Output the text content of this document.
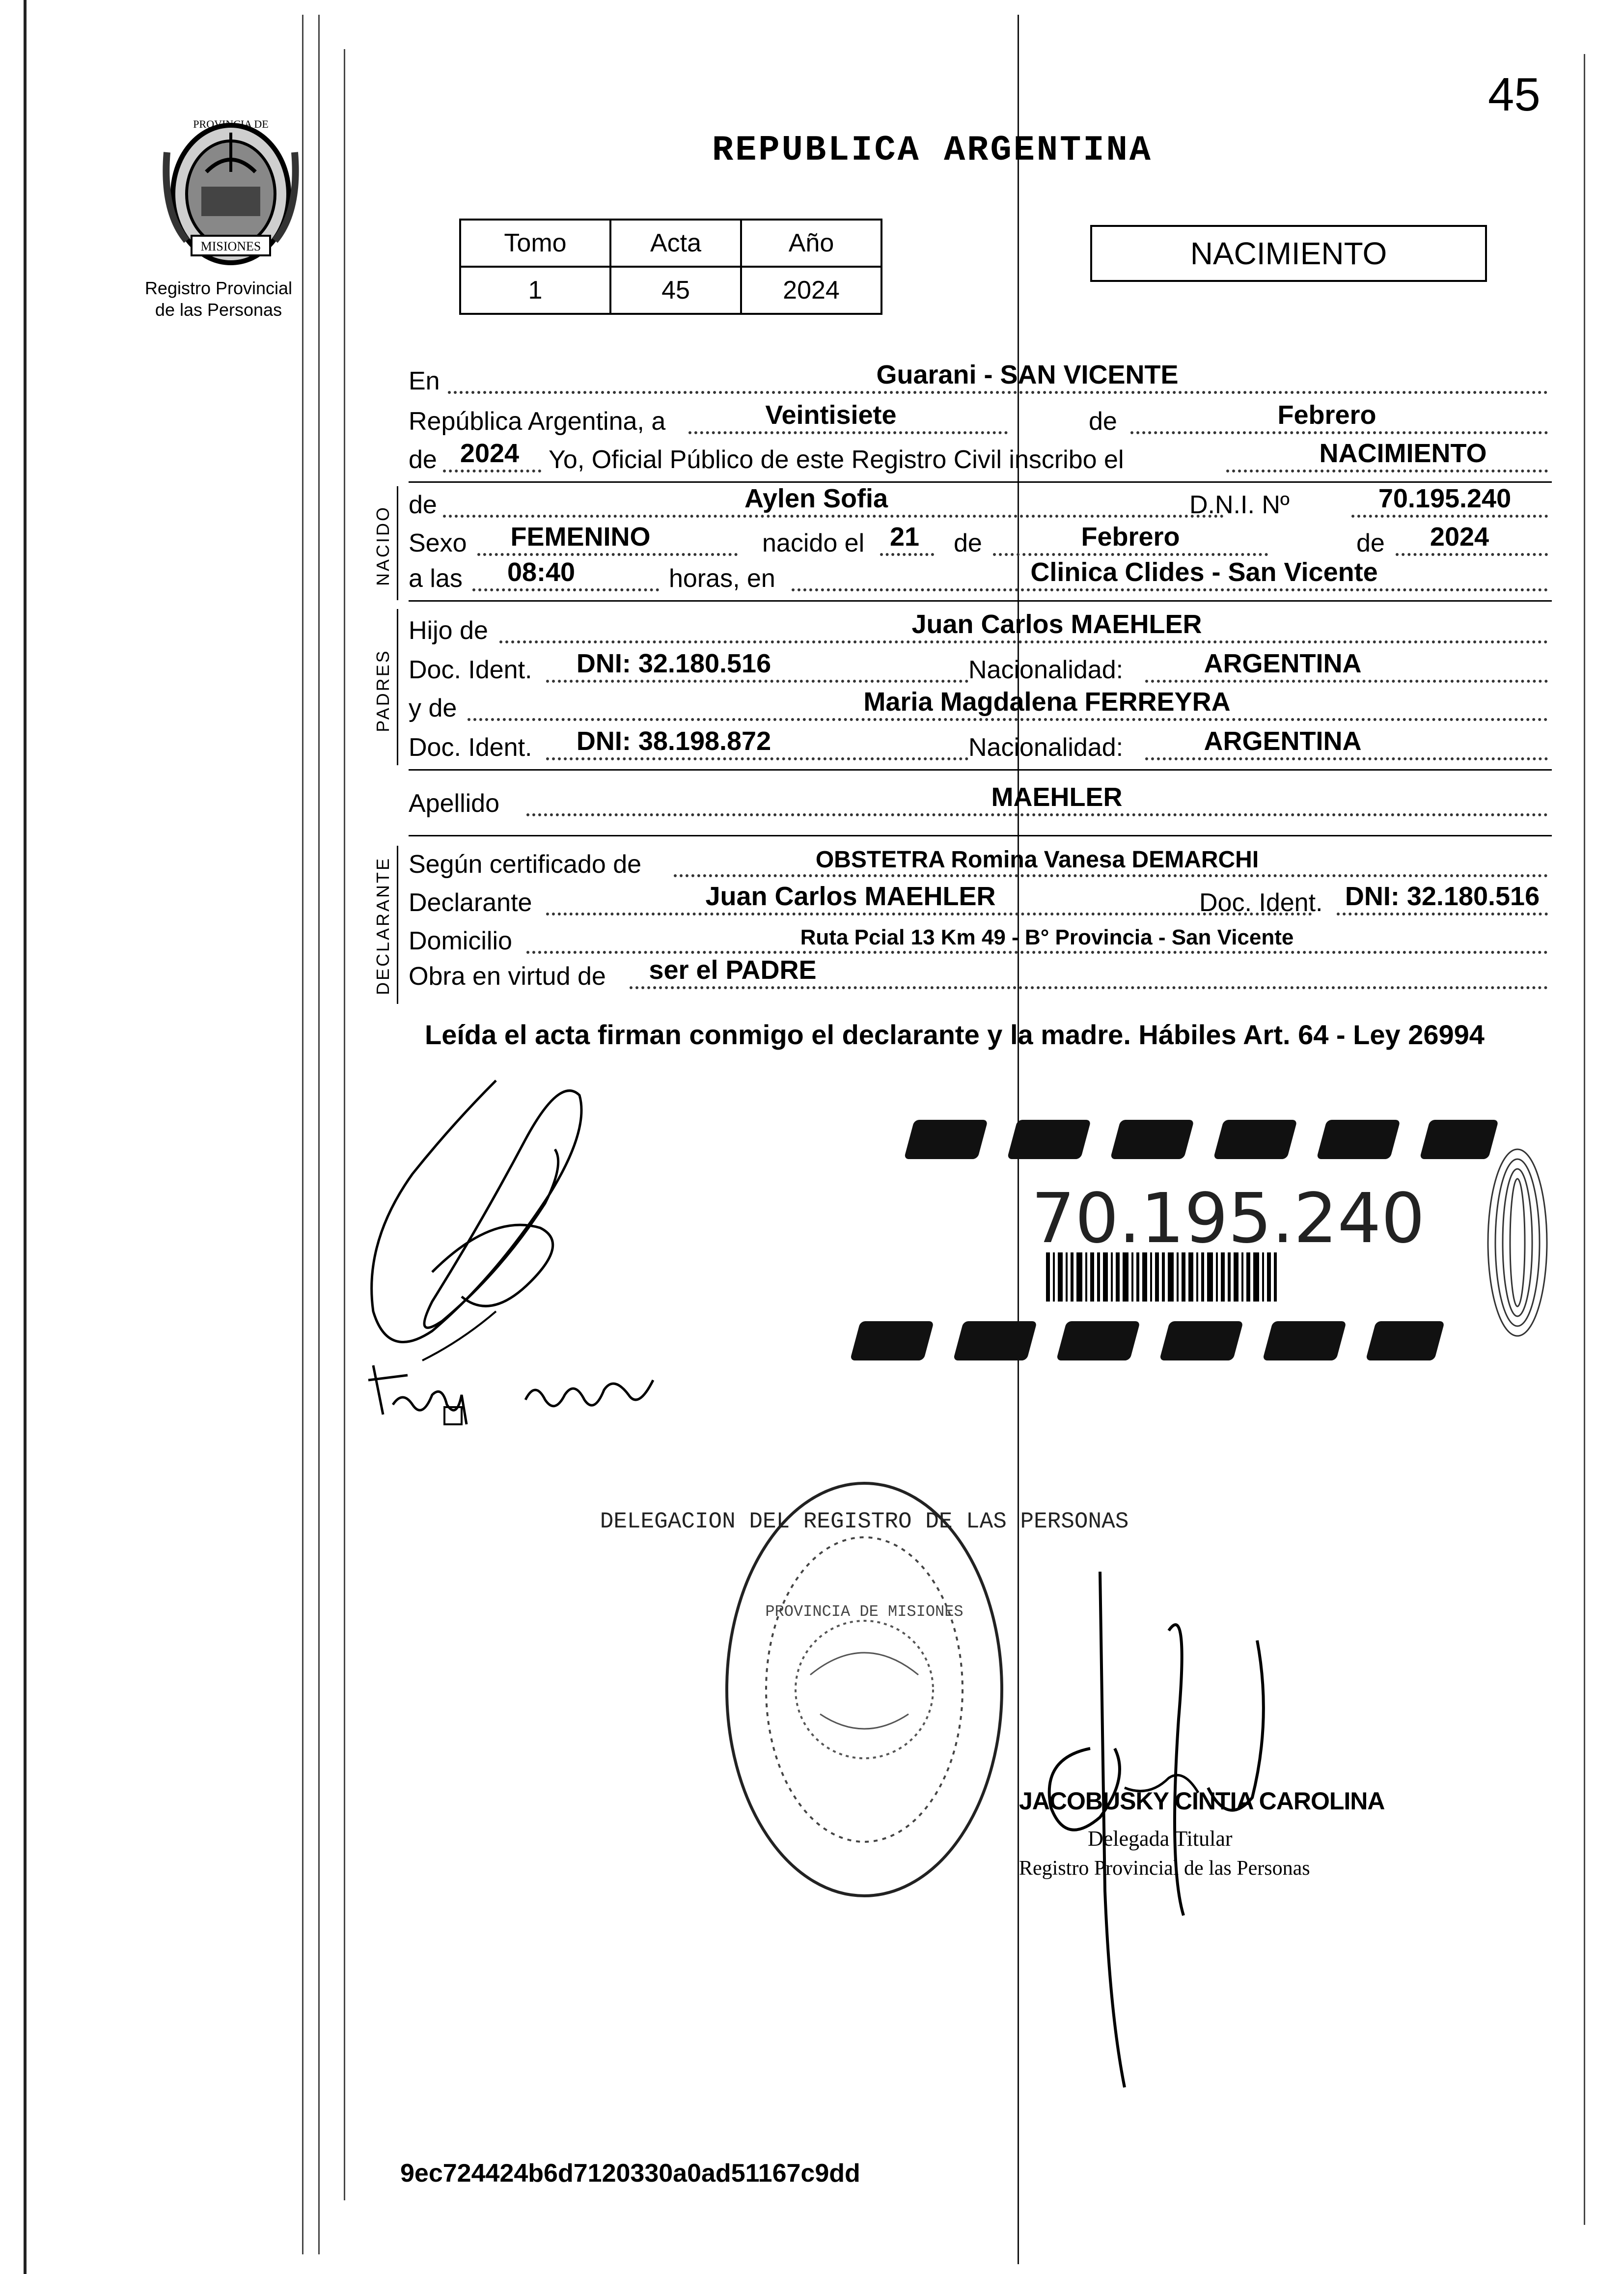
45
REPUBLICA ARGENTINA
PROVINCIA DE
MISIONES
Registro Provincial
de las Personas
Tomo	Acta	Año
1	45	2024
NACIMIENTO
En	Guarani - SAN VICENTE
República Argentina, a	Veintisiete	de	Febrero
de 2024	Yo, Oficial Público de este Registro Civil inscribo el	NACIMIENTO
NACIDO
de	Aylen Sofia	D.N.I. Nº	70.195.240
Sexo	FEMENINO	nacido el 21	de	Febrero	de	2024
a las	08:40	horas, en	Clinica Clides - San Vicente
PADRES
Hijo de	Juan Carlos MAEHLER
Doc. Ident.	DNI: 32.180.516	Nacionalidad:	ARGENTINA
y de	Maria Magdalena FERREYRA
Doc. Ident.	DNI: 38.198.872	Nacionalidad:	ARGENTINA
Apellido	MAEHLER
DECLARANTE Según certificado de	OBSTETRA Romina Vanesa DEMARCHI
Declarante	Juan Carlos MAEHLER	Doc. Ident. DNI: 32.180.516
Domicilio	Ruta Pcial 13 Km 49 - B° Provincia - San Vicente
Obra en virtud de	ser el PADRE
Leída el acta firman conmigo el declarante y la madre. Hábiles Art. 64 - Ley 26994
70.195.240
DELEGACION DEL REGISTRO DE LAS PERSONAS
PROVINCIA DE MISIONES
JACOBUSKY CINTIA CAROLINA
Delegada Titular
Registro Provincial de las Personas
9ec724424b6d7120330a0ad51167c9dd
